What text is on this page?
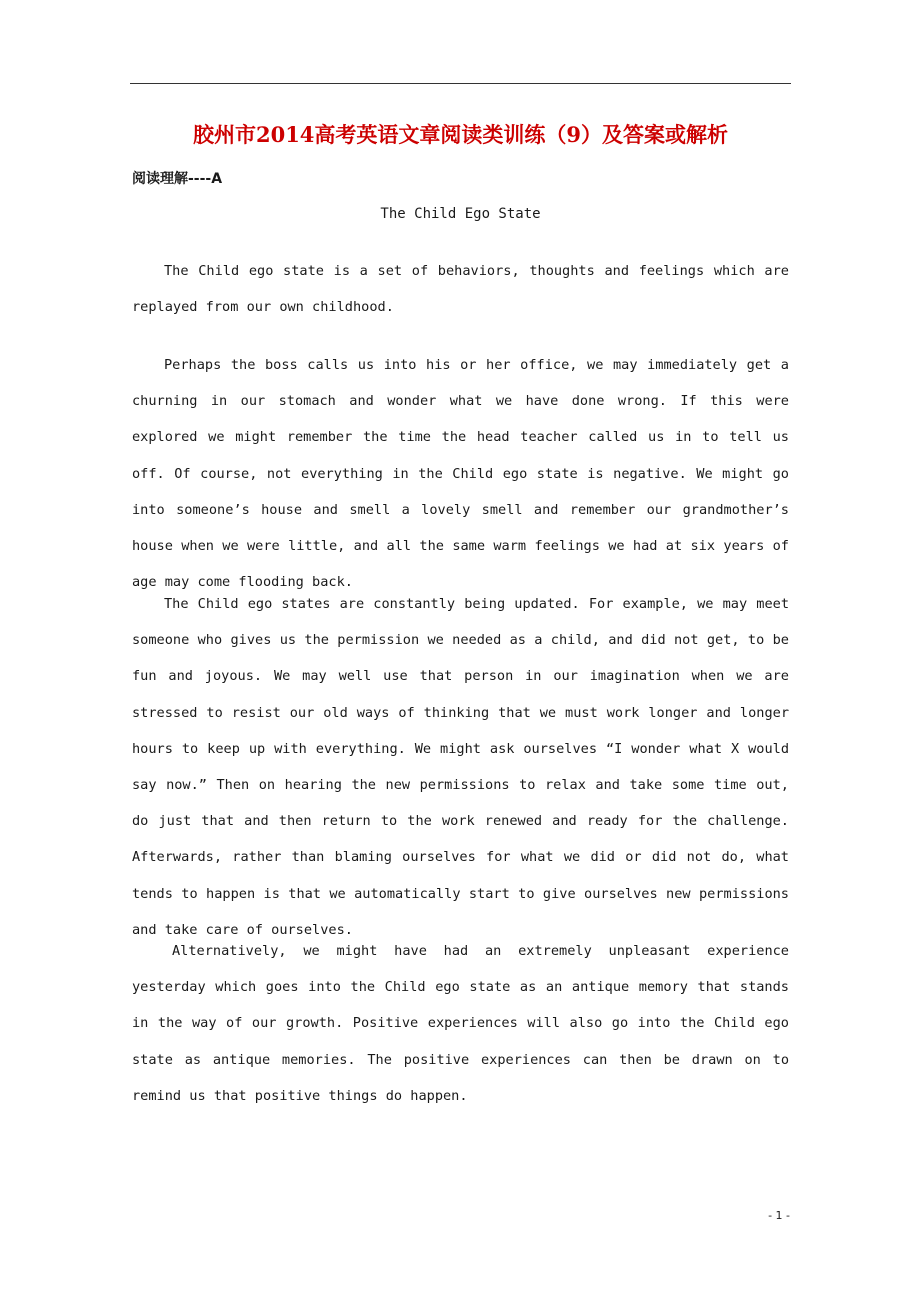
胶州市2014高考英语文章阅读类训练（9）及答案或解析
阅读理解----A
The Child Ego State

The Child ego state is a set of behaviors, thoughts and feelings which are replayed from our own childhood.

Perhaps the boss calls us into his or her office, we may immediately get a churning in our stomach and wonder what we have done wrong. If this were explored we might remember the time the head teacher called us in to tell us off. Of course, not everything in the Child ego state is negative. We might go into someone’s house and smell a lovely smell and remember our grandmother’s house when we were little, and all the same warm feelings we had at six years of age may come flooding back.

The Child ego states are constantly being updated. For example, we may meet someone who gives us the permission we needed as a child, and did not get, to be fun and joyous. We may well use that person in our imagination when we are stressed to resist our old ways of thinking that we must work longer and longer hours to keep up with everything. We might ask ourselves “I wonder what X would say now.” Then on hearing the new permissions to relax and take some time out, do just that and then return to the work renewed and ready for the challenge. Afterwards, rather than blaming ourselves for what we did or did not do, what tends to happen is that we automatically start to give ourselves new permissions and take care of ourselves.

Alternatively, we might have had an extremely unpleasant experience yesterday which goes into the Child ego state as an antique memory that stands in the way of our growth. Positive experiences will also go into the Child ego state as antique memories. The positive experiences can then be drawn on to remind us that positive things do happen.

- 1 -
